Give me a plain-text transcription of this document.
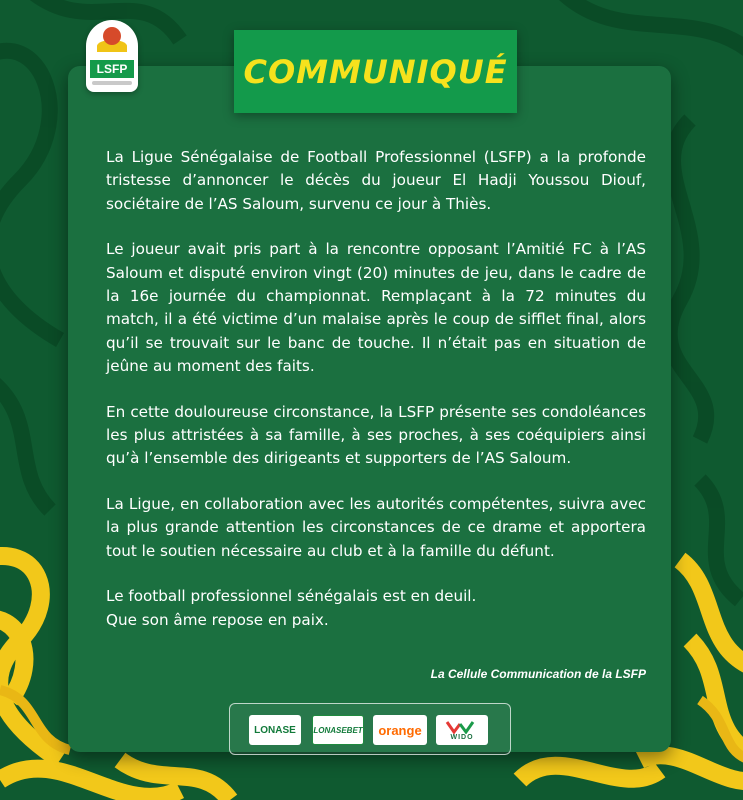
LSFP	COMMUNIQUÉ

La Ligue Sénégalaise de Football Professionnel (LSFP) a la profonde tristesse d’annoncer le décès du joueur El Hadji Youssou Diouf, sociétaire de l’AS Saloum, survenu ce jour à Thiès.

Le joueur avait pris part à la rencontre opposant l’Amitié FC à l’AS Saloum et disputé environ vingt (20) minutes de jeu, dans le cadre de la 16e journée du championnat. Remplaçant à la 72 minutes du match, il a été victime d’un malaise après le coup de sifflet final, alors qu’il se trouvait sur le banc de touche. Il n’était pas en situation de jeûne au moment des faits.

En cette douloureuse circonstance, la LSFP présente ses condoléances les plus attristées à sa famille, à ses proches, à ses coéquipiers ainsi qu’à l’ensemble des dirigeants et supporters de l’AS Saloum.

La Ligue, en collaboration avec les autorités compétentes, suivra avec la plus grande attention les circonstances de ce drame et apportera tout le soutien nécessaire au club et à la famille du défunt.

Le football professionnel sénégalais est en deuil.
Que son âme repose en paix.

La Cellule Communication de la LSFP
LONASE	LONASEBET	orange	WIDO
